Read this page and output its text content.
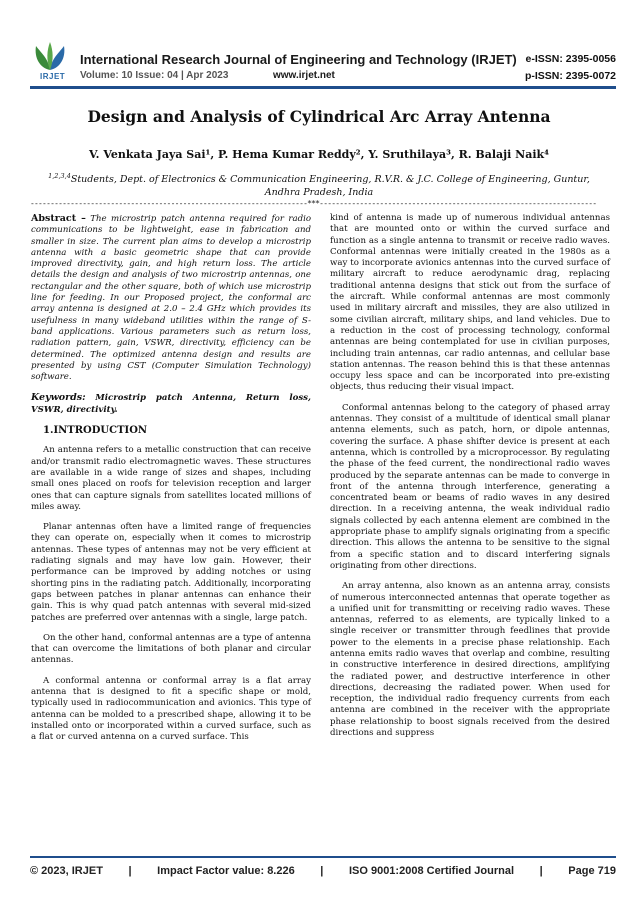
IRJET
International Research Journal of Engineering and Technology (IRJET) e-ISSN: 2395-0056
Volume: 10 Issue: 04 | Apr 2023	www.irjet.net	p-ISSN: 2395-0072
Design and Analysis of Cylindrical Arc Array Antenna
V. Venkata Jaya Sai¹, P. Hema Kumar Reddy², Y. Sruthilaya³, R. Balaji Naik⁴
$^{1,2,3,4}$Students, Dept. of Electronics & Communication Engineering, R.V.R. & J.C. College of Engineering, Guntur, Andhra Pradesh, India
---------------------------------------------------------------------***---------------------------------------------------------------------

Abstract – The microstrip patch antenna required for radio communications to be lightweight, ease in fabrication and smaller in size. The current plan aims to develop a microstrip antenna with a basic geometric shape that can provide improved directivity, gain, and high return loss. The article details the design and analysis of two microstrip antennas, one rectangular and the other square, both of which use microstrip line for feeding. In our Proposed project, the conformal arc array antenna is designed at 2.0 – 2.4 GHz which provides its usefulness in many wideband utilities within the range of S-band applications. Various parameters such as return loss, radiation pattern, gain, VSWR, directivity, efficiency can be determined. The optimized antenna design and results are presented by using CST (Computer Simulation Technology) software.

Keywords: Microstrip patch Antenna, Return loss, VSWR, directivity.

1.INTRODUCTION

An antenna refers to a metallic construction that can receive and/or transmit radio electromagnetic waves. These structures are available in a wide range of sizes and shapes, including small ones placed on roofs for television reception and larger ones that can capture signals from satellites located millions of miles away.

Planar antennas often have a limited range of frequencies they can operate on, especially when it comes to microstrip antennas. These types of antennas may not be very efficient at radiating signals and may have low gain. However, their performance can be improved by adding notches or using shorting pins in the radiating patch. Additionally, incorporating gaps between patches in planar antennas can enhance their gain. This is why quad patch antennas with several mid-sized patches are preferred over antennas with a single, large patch.

On the other hand, conformal antennas are a type of antenna that can overcome the limitations of both planar and circular antennas.

A conformal antenna or conformal array is a flat array antenna that is designed to fit a specific shape or mold, typically used in radiocommunication and avionics. This type of antenna can be molded to a prescribed shape, allowing it to be installed onto or incorporated within a curved surface, such as a flat or curved antenna on a curved surface. This

kind of antenna is made up of numerous individual antennas that are mounted onto or within the curved surface and function as a single antenna to transmit or receive radio waves. Conformal antennas were initially created in the 1980s as a way to incorporate avionics antennas into the curved surface of military aircraft to reduce aerodynamic drag, replacing traditional antenna designs that stick out from the surface of the aircraft. While conformal antennas are most commonly used in military aircraft and missiles, they are also utilized in some civilian aircraft, military ships, and land vehicles. Due to a reduction in the cost of processing technology, conformal antennas are being contemplated for use in civilian purposes, including train antennas, car radio antennas, and cellular base station antennas. The reason behind this is that these antennas occupy less space and can be incorporated into pre-existing objects, thus reducing their visual impact.

Conformal antennas belong to the category of phased array antennas. They consist of a multitude of identical small planar antenna elements, such as patch, horn, or dipole antennas, covering the surface. A phase shifter device is present at each antenna, which is controlled by a microprocessor. By regulating the phase of the feed current, the nondirectional radio waves produced by the separate antennas can be made to converge in front of the antenna through interference, generating a concentrated beam or beams of radio waves in any desired direction. In a receiving antenna, the weak individual radio signals collected by each antenna element are combined in the appropriate phase to amplify signals originating from a specific direction. This allows the antenna to be sensitive to the signal from a specific station and to discard interfering signals originating from other directions.

An array antenna, also known as an antenna array, consists of numerous interconnected antennas that operate together as a unified unit for transmitting or receiving radio waves. These antennas, referred to as elements, are typically linked to a single receiver or transmitter through feedlines that provide power to the elements in a precise phase relationship. Each antenna emits radio waves that overlap and combine, resulting in constructive interference in desired directions, amplifying the radiated power, and destructive interference in other directions, decreasing the radiated power. When used for reception, the individual radio frequency currents from each antenna are combined in the receiver with the appropriate phase relationship to boost signals received from the desired directions and suppress

© 2023, IRJET | Impact Factor value: 8.226 | ISO 9001:2008 Certified Journal | Page 719
